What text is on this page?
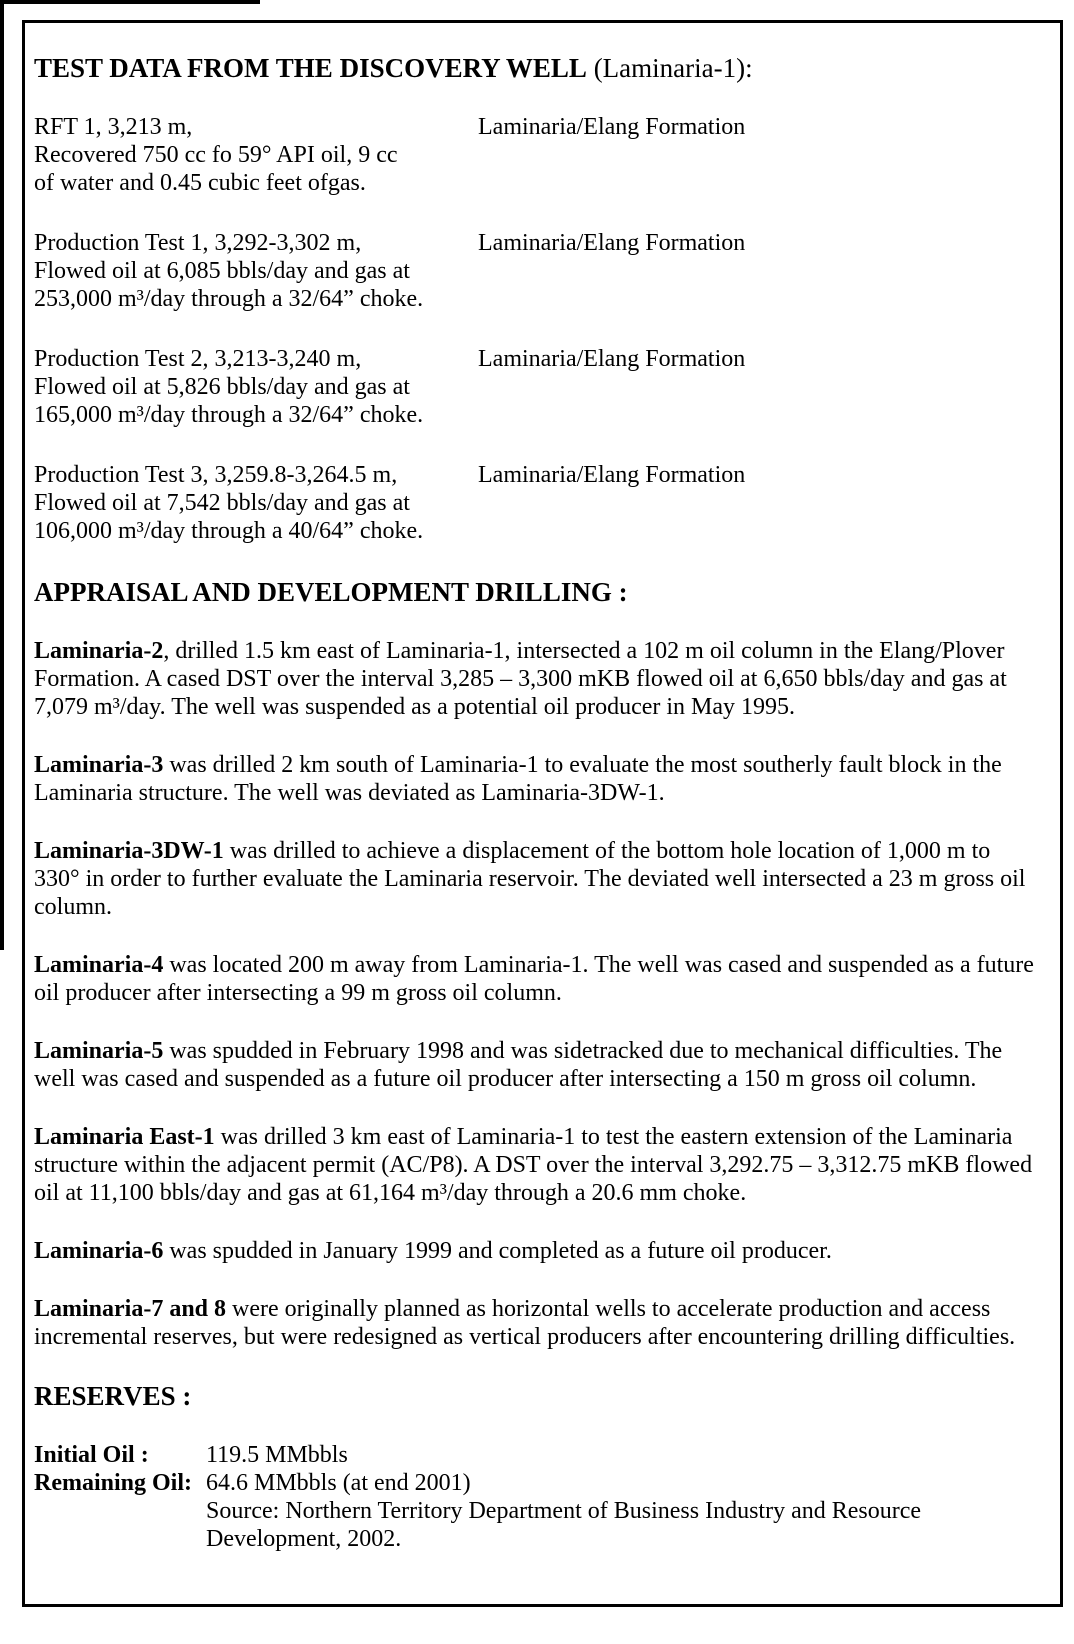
TEST DATA FROM THE DISCOVERY WELL (Laminaria-1):
RFT 1, 3,213 m,
Recovered 750 cc fo 59° API oil, 9 cc
of water and 0.45 cubic feet ofgas.
Laminaria/Elang Formation
Production Test 1, 3,292-3,302 m,
Flowed oil at 6,085 bbls/day and gas at
253,000 m³/day through a 32/64” choke.
Laminaria/Elang Formation
Production Test 2, 3,213-3,240 m,
Flowed oil at 5,826 bbls/day and gas at
165,000 m³/day through a 32/64” choke.
Laminaria/Elang Formation
Production Test 3, 3,259.8-3,264.5 m,
Flowed oil at 7,542 bbls/day and gas at
106,000 m³/day through a 40/64” choke.
Laminaria/Elang Formation
APPRAISAL AND DEVELOPMENT DRILLING :

Laminaria-2, drilled 1.5 km east of Laminaria-1, intersected a 102 m oil column in the Elang/Plover Formation. A cased DST over the interval 3,285 – 3,300 mKB flowed oil at 6,650 bbls/day and gas at 7,079 m³/day. The well was suspended as a potential oil producer in May 1995.

Laminaria-3 was drilled 2 km south of Laminaria-1 to evaluate the most southerly fault block in the Laminaria structure. The well was deviated as Laminaria-3DW-1.

Laminaria-3DW-1 was drilled to achieve a displacement of the bottom hole location of 1,000 m to 330° in order to further evaluate the Laminaria reservoir. The deviated well intersected a 23 m gross oil column.

Laminaria-4 was located 200 m away from Laminaria-1. The well was cased and suspended as a future oil producer after intersecting a 99 m gross oil column.

Laminaria-5 was spudded in February 1998 and was sidetracked due to mechanical difficulties. The well was cased and suspended as a future oil producer after intersecting a 150 m gross oil column.

Laminaria East-1 was drilled 3 km east of Laminaria-1 to test the eastern extension of the Laminaria structure within the adjacent permit (AC/P8). A DST over the interval 3,292.75 – 3,312.75 mKB flowed oil at 11,100 bbls/day and gas at 61,164 m³/day through a 20.6 mm choke.

Laminaria-6 was spudded in January 1999 and completed as a future oil producer.

Laminaria-7 and 8 were originally planned as horizontal wells to accelerate production and access incremental reserves, but were redesigned as vertical producers after encountering drilling difficulties.

RESERVES :
Initial Oil :	119.5 MMbbls
Remaining Oil: 64.6 MMbbls (at end 2001)
Source: Northern Territory Department of Business Industry and Resource
Development, 2002.
